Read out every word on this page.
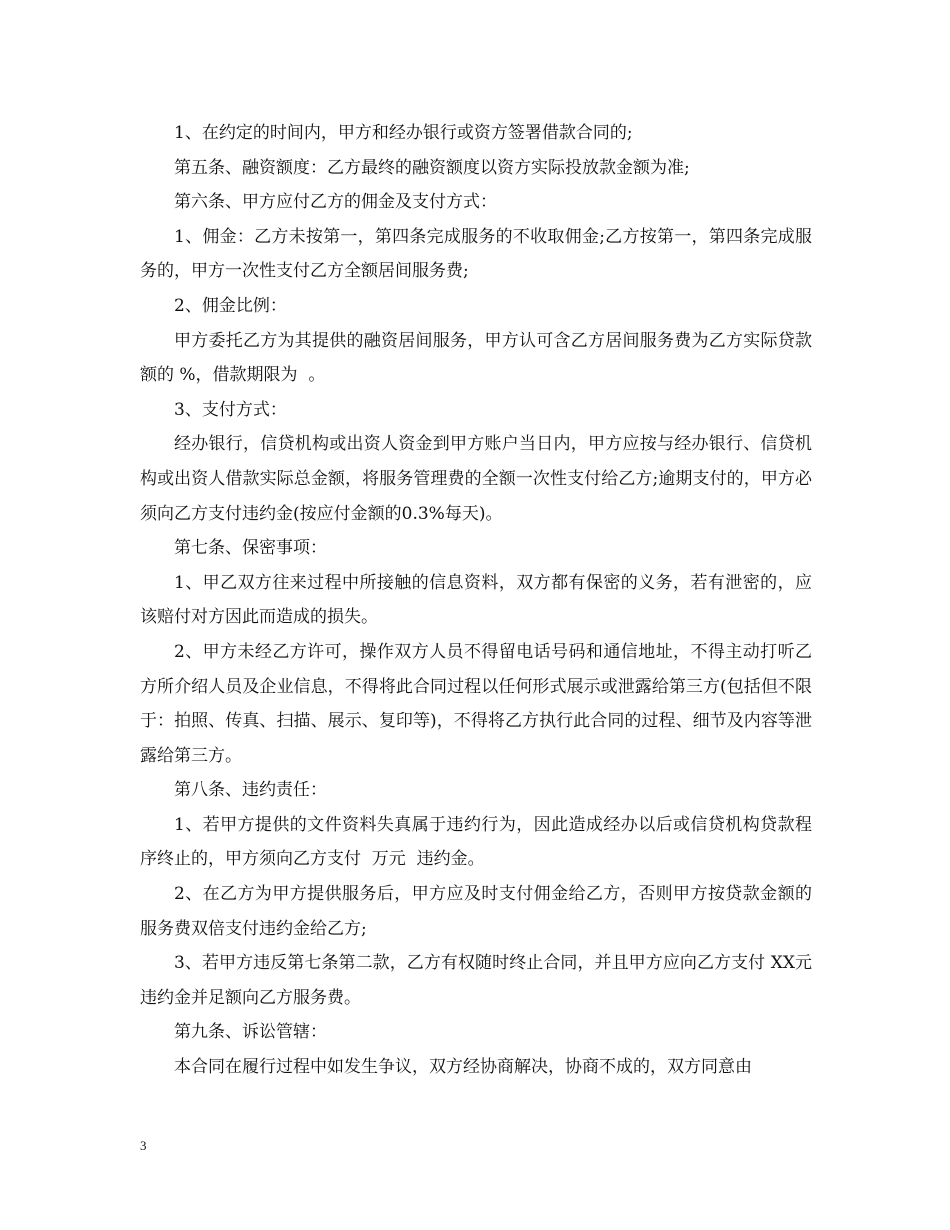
1、在约定的时间内，甲方和经办银行或资方签署借款合同的;

第五条、融资额度：乙方最终的融资额度以资方实际投放款金额为准;

第六条、甲方应付乙方的佣金及支付方式：

1、佣金：乙方未按第一，第四条完成服务的不收取佣金;乙方按第一，第四条完成服务的，甲方一次性支付乙方全额居间服务费;

2、佣金比例：

甲方委托乙方为其提供的融资居间服务，甲方认可含乙方居间服务费为乙方实际贷款额的 %，借款期限为  。

3、支付方式：

经办银行，信贷机构或出资人资金到甲方账户当日内，甲方应按与经办银行、信贷机构或出资人借款实际总金额，将服务管理费的全额一次性支付给乙方;逾期支付的，甲方必须向乙方支付违约金(按应付金额的0.3%每天)。

第七条、保密事项：

1、甲乙双方往来过程中所接触的信息资料，双方都有保密的义务，若有泄密的，应该赔付对方因此而造成的损失。

2、甲方未经乙方许可，操作双方人员不得留电话号码和通信地址，不得主动打听乙方所介绍人员及企业信息，不得将此合同过程以任何形式展示或泄露给第三方(包括但不限于：拍照、传真、扫描、展示、复印等)，不得将乙方执行此合同的过程、细节及内容等泄露给第三方。

第八条、违约责任：

1、若甲方提供的文件资料失真属于违约行为，因此造成经办以后或信贷机构贷款程序终止的，甲方须向乙方支付  万元  违约金。

2、在乙方为甲方提供服务后，甲方应及时支付佣金给乙方，否则甲方按贷款金额的服务费双倍支付违约金给乙方;

3、若甲方违反第七条第二款，乙方有权随时终止合同，并且甲方应向乙方支付 XX元  违约金并足额向乙方服务费。

第九条、诉讼管辖：

本合同在履行过程中如发生争议，双方经协商解决，协商不成的，双方同意由

3
